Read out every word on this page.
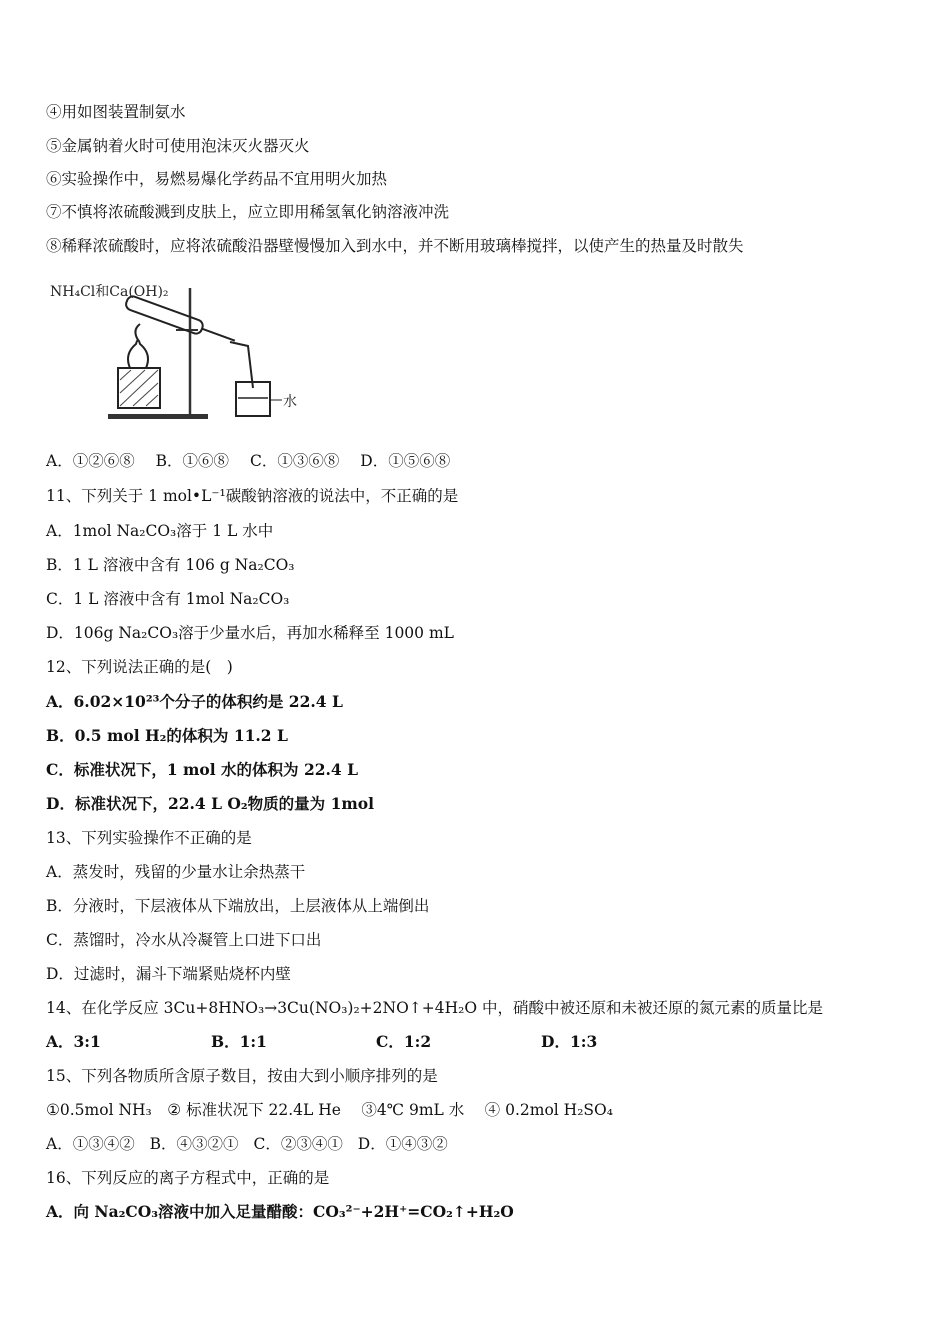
④用如图装置制氨水
⑤金属钠着火时可使用泡沫灭火器灭火
⑥实验操作中，易燃易爆化学药品不宜用明火加热
⑦不慎将浓硫酸溅到皮肤上，应立即用稀氢氧化钠溶液冲洗
⑧稀释浓硫酸时，应将浓硫酸沿器壁慢慢加入到水中，并不断用玻璃棒搅拌，以使产生的热量及时散失
NH₄Cl和Ca(OH)₂
水
A．①②⑥⑧ B．①⑥⑧ C．①③⑥⑧ D．①⑤⑥⑧
11、下列关于 1 mol•L⁻¹碳酸钠溶液的说法中，不正确的是
A．1mol Na₂CO₃溶于 1 L 水中
B．1 L 溶液中含有 106 g Na₂CO₃
C．1 L 溶液中含有 1mol Na₂CO₃
D．106g Na₂CO₃溶于少量水后，再加水稀释至 1000 mL
12、下列说法正确的是(　)
A．6.02×10²³个分子的体积约是 22.4 L
B．0.5 mol H₂的体积为 11.2 L
C．标准状况下，1 mol 水的体积为 22.4 L
D．标准状况下，22.4 L O₂物质的量为 1mol
13、下列实验操作不正确的是
A．蒸发时，残留的少量水让余热蒸干
B．分液时，下层液体从下端放出，上层液体从上端倒出
C．蒸馏时，冷水从冷凝管上口进下口出
D．过滤时，漏斗下端紧贴烧杯内壁
14、在化学反应 3Cu+8HNO₃→3Cu(NO₃)₂+2NO↑+4H₂O 中，硝酸中被还原和未被还原的氮元素的质量比是
A．3:1	B．1:1	C．1:2	D．1:3
15、下列各物质所含原子数目，按由大到小顺序排列的是
①0.5mol NH₃　② 标准状况下 22.4L He　 ③4℃ 9mL 水　 ④ 0.2mol H₂SO₄
A．①③④② B．④③②① C．②③④① D．①④③②
16、下列反应的离子方程式中，正确的是
A．向 Na₂CO₃溶液中加入足量醋酸：CO₃²⁻+2H⁺=CO₂↑+H₂O
